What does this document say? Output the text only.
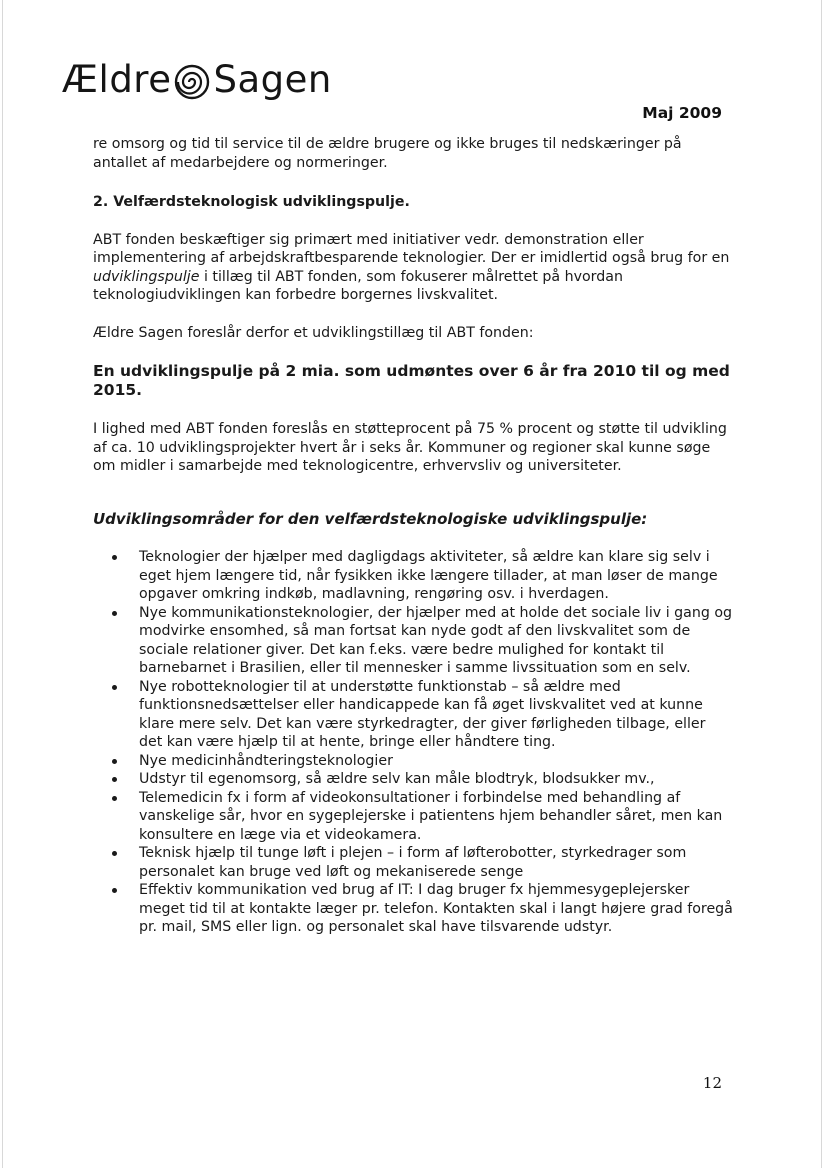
Ældre Sagen
Maj 2009

re omsorg og tid til service til de ældre brugere og ikke bruges til nedskæringer på antallet af medarbejdere og normeringer.

2. Velfærdsteknologisk udviklingspulje.

ABT fonden beskæftiger sig primært med initiativer vedr. demonstration eller implementering af arbejdskraftbesparende teknologier. Der er imidlertid også brug for en udviklingspulje i tillæg til ABT fonden, som fokuserer målrettet på hvordan teknologiudviklingen kan forbedre borgernes livskvalitet.

Ældre Sagen foreslår derfor et udviklingstillæg til ABT fonden:

En udviklingspulje på 2 mia. som udmøntes over 6 år fra 2010 til og med 2015.

I lighed med ABT fonden foreslås en støtteprocent på 75 % procent og støtte til udvikling af ca. 10 udviklingsprojekter hvert år i seks år. Kommuner og regioner skal kunne søge om midler i samarbejde med teknologicentre, erhvervsliv og universiteter.

Udviklingsområder for den velfærdsteknologiske udviklingspulje:

Teknologier der hjælper med dagligdags aktiviteter, så ældre kan klare sig selv i eget hjem længere tid, når fysikken ikke længere tillader, at man løser de mange opgaver omkring indkøb, madlavning, rengøring osv. i hverdagen.
Nye kommunikationsteknologier, der hjælper med at holde det sociale liv i gang og modvirke ensomhed, så man fortsat kan nyde godt af den livskvalitet som de sociale relationer giver. Det kan f.eks. være bedre mulighed for kontakt til barnebarnet i Brasilien, eller til mennesker i samme livssituation som en selv.
Nye robotteknologier til at understøtte funktionstab – så ældre med funktionsnedsættelser eller handicappede kan få øget livskvalitet ved at kunne klare mere selv. Det kan være styrkedragter, der giver førligheden tilbage, eller det kan være hjælp til at hente, bringe eller håndtere ting.
Nye medicinhåndteringsteknologier
Udstyr til egenomsorg, så ældre selv kan måle blodtryk, blodsukker mv.,
Telemedicin fx i form af videokonsultationer i forbindelse med behandling af vanskelige sår, hvor en sygeplejerske i patientens hjem behandler såret, men kan konsultere en læge via et videokamera.
Teknisk hjælp til tunge løft i plejen – i form af løfterobotter, styrkedrager som personalet kan bruge ved løft og mekaniserede senge
Effektiv kommunikation ved brug af IT: I dag bruger fx hjemmesygeplejersker meget tid til at kontakte læger pr. telefon. Kontakten skal i langt højere grad foregå pr. mail, SMS eller lign. og personalet skal have tilsvarende udstyr.
12
